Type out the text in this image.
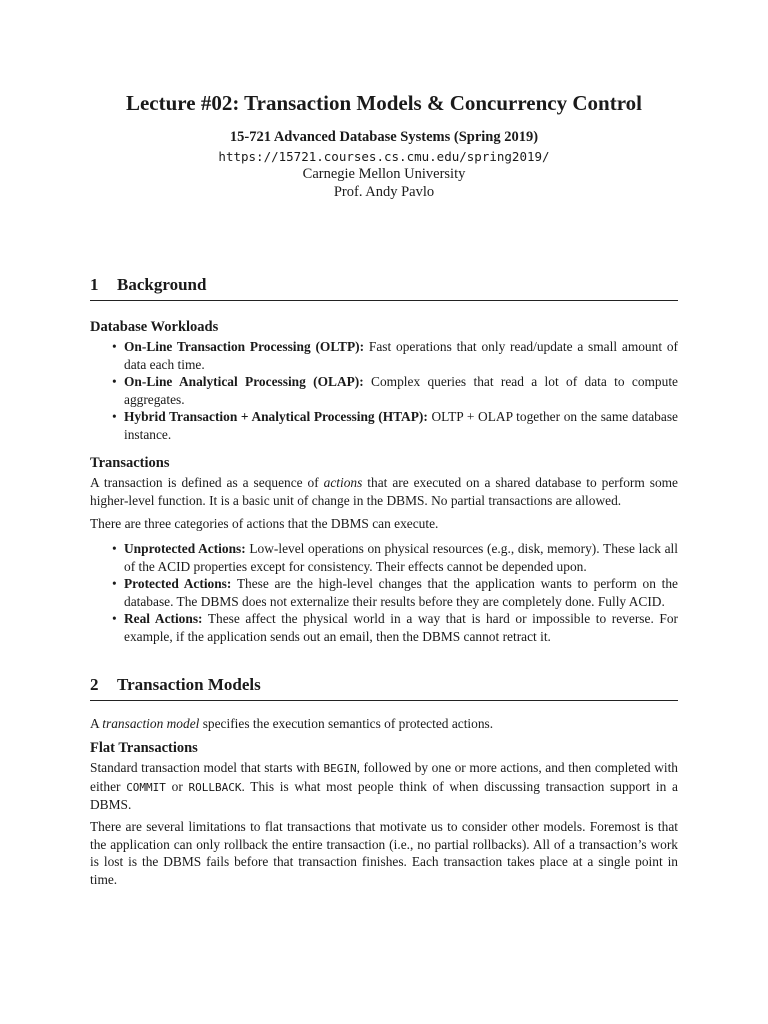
Lecture #02: Transaction Models & Concurrency Control
15-721 Advanced Database Systems (Spring 2019)
https://15721.courses.cs.cmu.edu/spring2019/
Carnegie Mellon University
Prof. Andy Pavlo
1 Background
Database Workloads
• On-Line Transaction Processing (OLTP): Fast operations that only read/update a small amount of data each time.
• On-Line Analytical Processing (OLAP): Complex queries that read a lot of data to compute aggregates.
• Hybrid Transaction + Analytical Processing (HTAP): OLTP + OLAP together on the same database instance.
Transactions
A transaction is defined as a sequence of actions that are executed on a shared database to perform some higher-level function. It is a basic unit of change in the DBMS. No partial transactions are allowed.
There are three categories of actions that the DBMS can execute.
• Unprotected Actions: Low-level operations on physical resources (e.g., disk, memory). These lack all of the ACID properties except for consistency. Their effects cannot be depended upon.
• Protected Actions: These are the high-level changes that the application wants to perform on the database. The DBMS does not externalize their results before they are completely done. Fully ACID.
• Real Actions: These affect the physical world in a way that is hard or impossible to reverse. For example, if the application sends out an email, then the DBMS cannot retract it.
2 Transaction Models
A transaction model specifies the execution semantics of protected actions.
Flat Transactions
Standard transaction model that starts with BEGIN, followed by one or more actions, and then completed with either COMMIT or ROLLBACK. This is what most people think of when discussing transaction support in a DBMS.
There are several limitations to flat transactions that motivate us to consider other models. Foremost is that the application can only rollback the entire transaction (i.e., no partial rollbacks). All of a transaction’s work is lost is the DBMS fails before that transaction finishes. Each transaction takes place at a single point in time.
